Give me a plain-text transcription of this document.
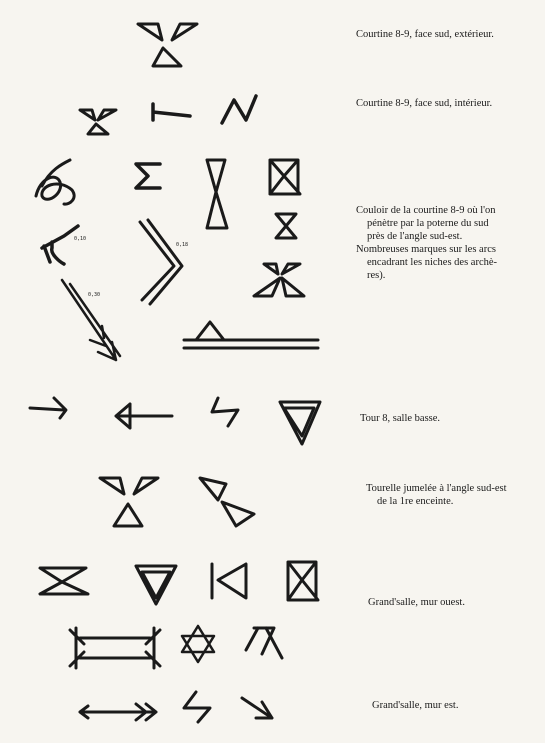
0,10
0,18
0,30
Courtine 8-9, face sud, extérieur.
Courtine 8-9, face sud, intérieur.
Couloir de la courtine 8-9 où l'on
pénètre par la poterne du sud
près de l'angle sud-est.
Nombreuses marques sur les arcs
encadrant les niches des archè-
res).
Tour 8, salle basse.
Tourelle jumelée à l'angle sud-est
de la 1re enceinte.
Grand'salle, mur ouest.
Grand'salle, mur est.
